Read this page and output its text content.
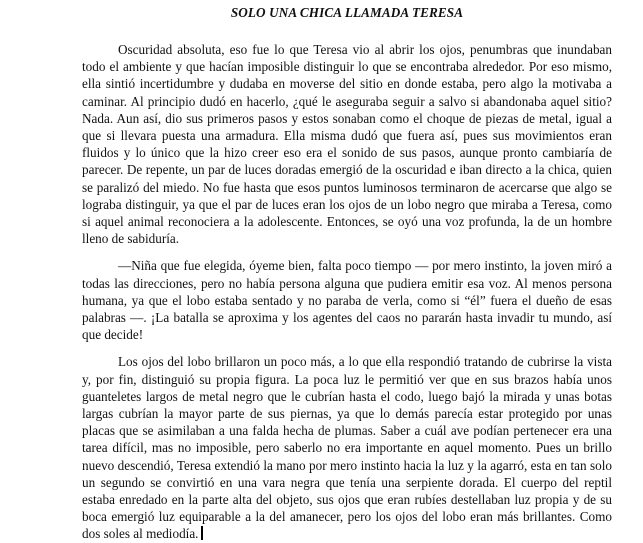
SOLO UNA CHICA LLAMADA TERESA

Oscuridad absoluta, eso fue lo que Teresa vio al abrir los ojos, penumbras que inundaban todo el ambiente y que hacían imposible distinguir lo que se encontraba alrededor. Por eso mismo, ella sintió incertidumbre y dudaba en moverse del sitio en donde estaba, pero algo la motivaba a caminar. Al principio dudó en hacerlo, ¿qué le aseguraba seguir a salvo si abandonaba aquel sitio? Nada. Aun así, dio sus primeros pasos y estos sonaban como el choque de piezas de metal, igual a que si llevara puesta una armadura. Ella misma dudó que fuera así, pues sus movimientos eran fluidos y lo único que la hizo creer eso era el sonido de sus pasos, aunque pronto cambiaría de parecer. De repente, un par de luces doradas emergió de la oscuridad e iban directo a la chica, quien se paralizó del miedo. No fue hasta que esos puntos luminosos terminaron de acercarse que algo se lograba distinguir, ya que el par de luces eran los ojos de un lobo negro que miraba a Teresa, como si aquel animal reconociera a la adolescente. Entonces, se oyó una voz profunda, la de un hombre lleno de sabiduría.

—Niña que fue elegida, óyeme bien, falta poco tiempo — por mero instinto, la joven miró a todas las direcciones, pero no había persona alguna que pudiera emitir esa voz. Al menos persona humana, ya que el lobo estaba sentado y no paraba de verla, como si “él” fuera el dueño de esas palabras —. ¡La batalla se aproxima y los agentes del caos no pararán hasta invadir tu mundo, así que decide!

Los ojos del lobo brillaron un poco más, a lo que ella respondió tratando de cubrirse la vista y, por fin, distinguió su propia figura. La poca luz le permitió ver que en sus brazos había unos guanteletes largos de metal negro que le cubrían hasta el codo, luego bajó la mirada y unas botas largas cubrían la mayor parte de sus piernas, ya que lo demás parecía estar protegido por unas placas que se asimilaban a una falda hecha de plumas. Saber a cuál ave podían pertenecer era una tarea difícil, mas no imposible, pero saberlo no era importante en aquel momento. Pues un brillo nuevo descendió, Teresa extendió la mano por mero instinto hacia la luz y la agarró, esta en tan solo un segundo se convirtió en una vara negra que tenía una serpiente dorada. El cuerpo del reptil estaba enredado en la parte alta del objeto, sus ojos que eran rubíes destellaban luz propia y de su boca emergió luz equiparable a la del amanecer, pero los ojos del lobo eran más brillantes. Como dos soles al mediodía.
